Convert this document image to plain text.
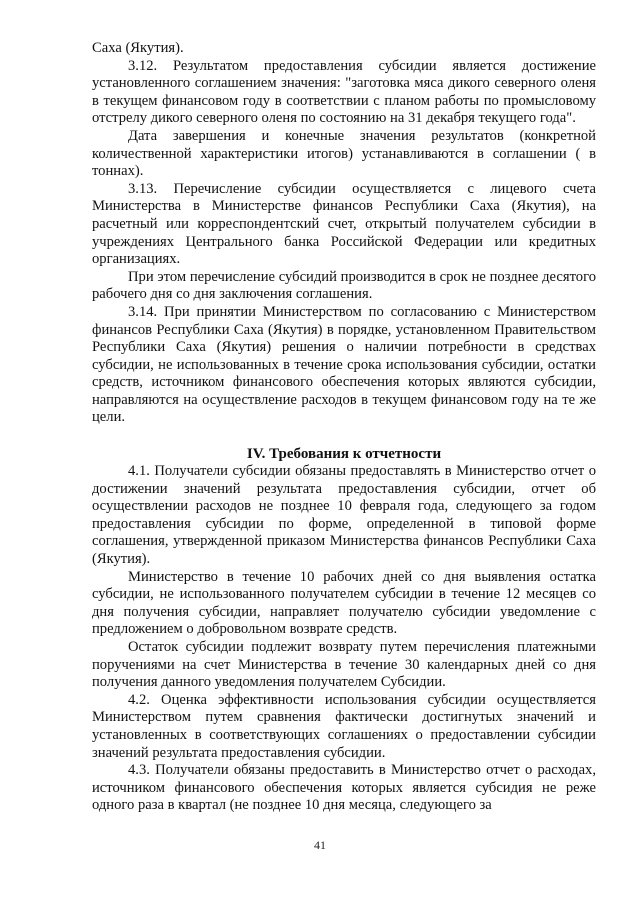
Саха (Якутия).

3.12. Результатом предоставления субсидии является достижение установленного соглашением значения: "заготовка мяса дикого северного оленя в текущем финансовом году в соответствии с планом работы по промысловому отстрелу дикого северного оленя по состоянию на 31 декабря текущего года".

Дата завершения и конечные значения результатов (конкретной количественной характеристики итогов) устанавливаются в соглашении ( в тоннах).

3.13. Перечисление субсидии осуществляется с лицевого счета Министерства в Министерстве финансов Республики Саха (Якутия), на расчетный или корреспондентский счет, открытый получателем субсидии в учреждениях Центрального банка Российской Федерации или кредитных организациях.

При этом перечисление субсидий производится в срок не позднее десятого рабочего дня со дня заключения соглашения.

3.14. При принятии Министерством по согласованию с Министерством финансов Республики Саха (Якутия) в порядке, установленном Правительством Республики Саха (Якутия) решения о наличии потребности в средствах субсидии, не использованных в течение срока использования субсидии, остатки средств, источником финансового обеспечения которых являются субсидии, направляются на осуществление расходов в текущем финансовом году на те же цели.

IV. Требования к отчетности

4.1. Получатели субсидии обязаны предоставлять в Министерство отчет о достижении значений результата предоставления субсидии, отчет об осуществлении расходов не позднее 10 февраля года, следующего за годом предоставления субсидии по форме, определенной в типовой форме соглашения, утвержденной приказом Министерства финансов Республики Саха (Якутия).

Министерство в течение 10 рабочих дней со дня выявления остатка субсидии, не использованного получателем субсидии в течение 12 месяцев со дня получения субсидии, направляет получателю субсидии уведомление с предложением о добровольном возврате средств.

Остаток субсидии подлежит возврату путем перечисления платежными поручениями на счет Министерства в течение 30 календарных дней со дня получения данного уведомления получателем Субсидии.

4.2. Оценка эффективности использования субсидии осуществляется Министерством путем сравнения фактически достигнутых значений и установленных в соответствующих соглашениях о предоставлении субсидии значений результата предоставления субсидии.

4.3. Получатели обязаны предоставить в Министерство отчет о расходах, источником финансового обеспечения которых является субсидия не реже одного раза в квартал (не позднее 10 дня месяца, следующего за

41
